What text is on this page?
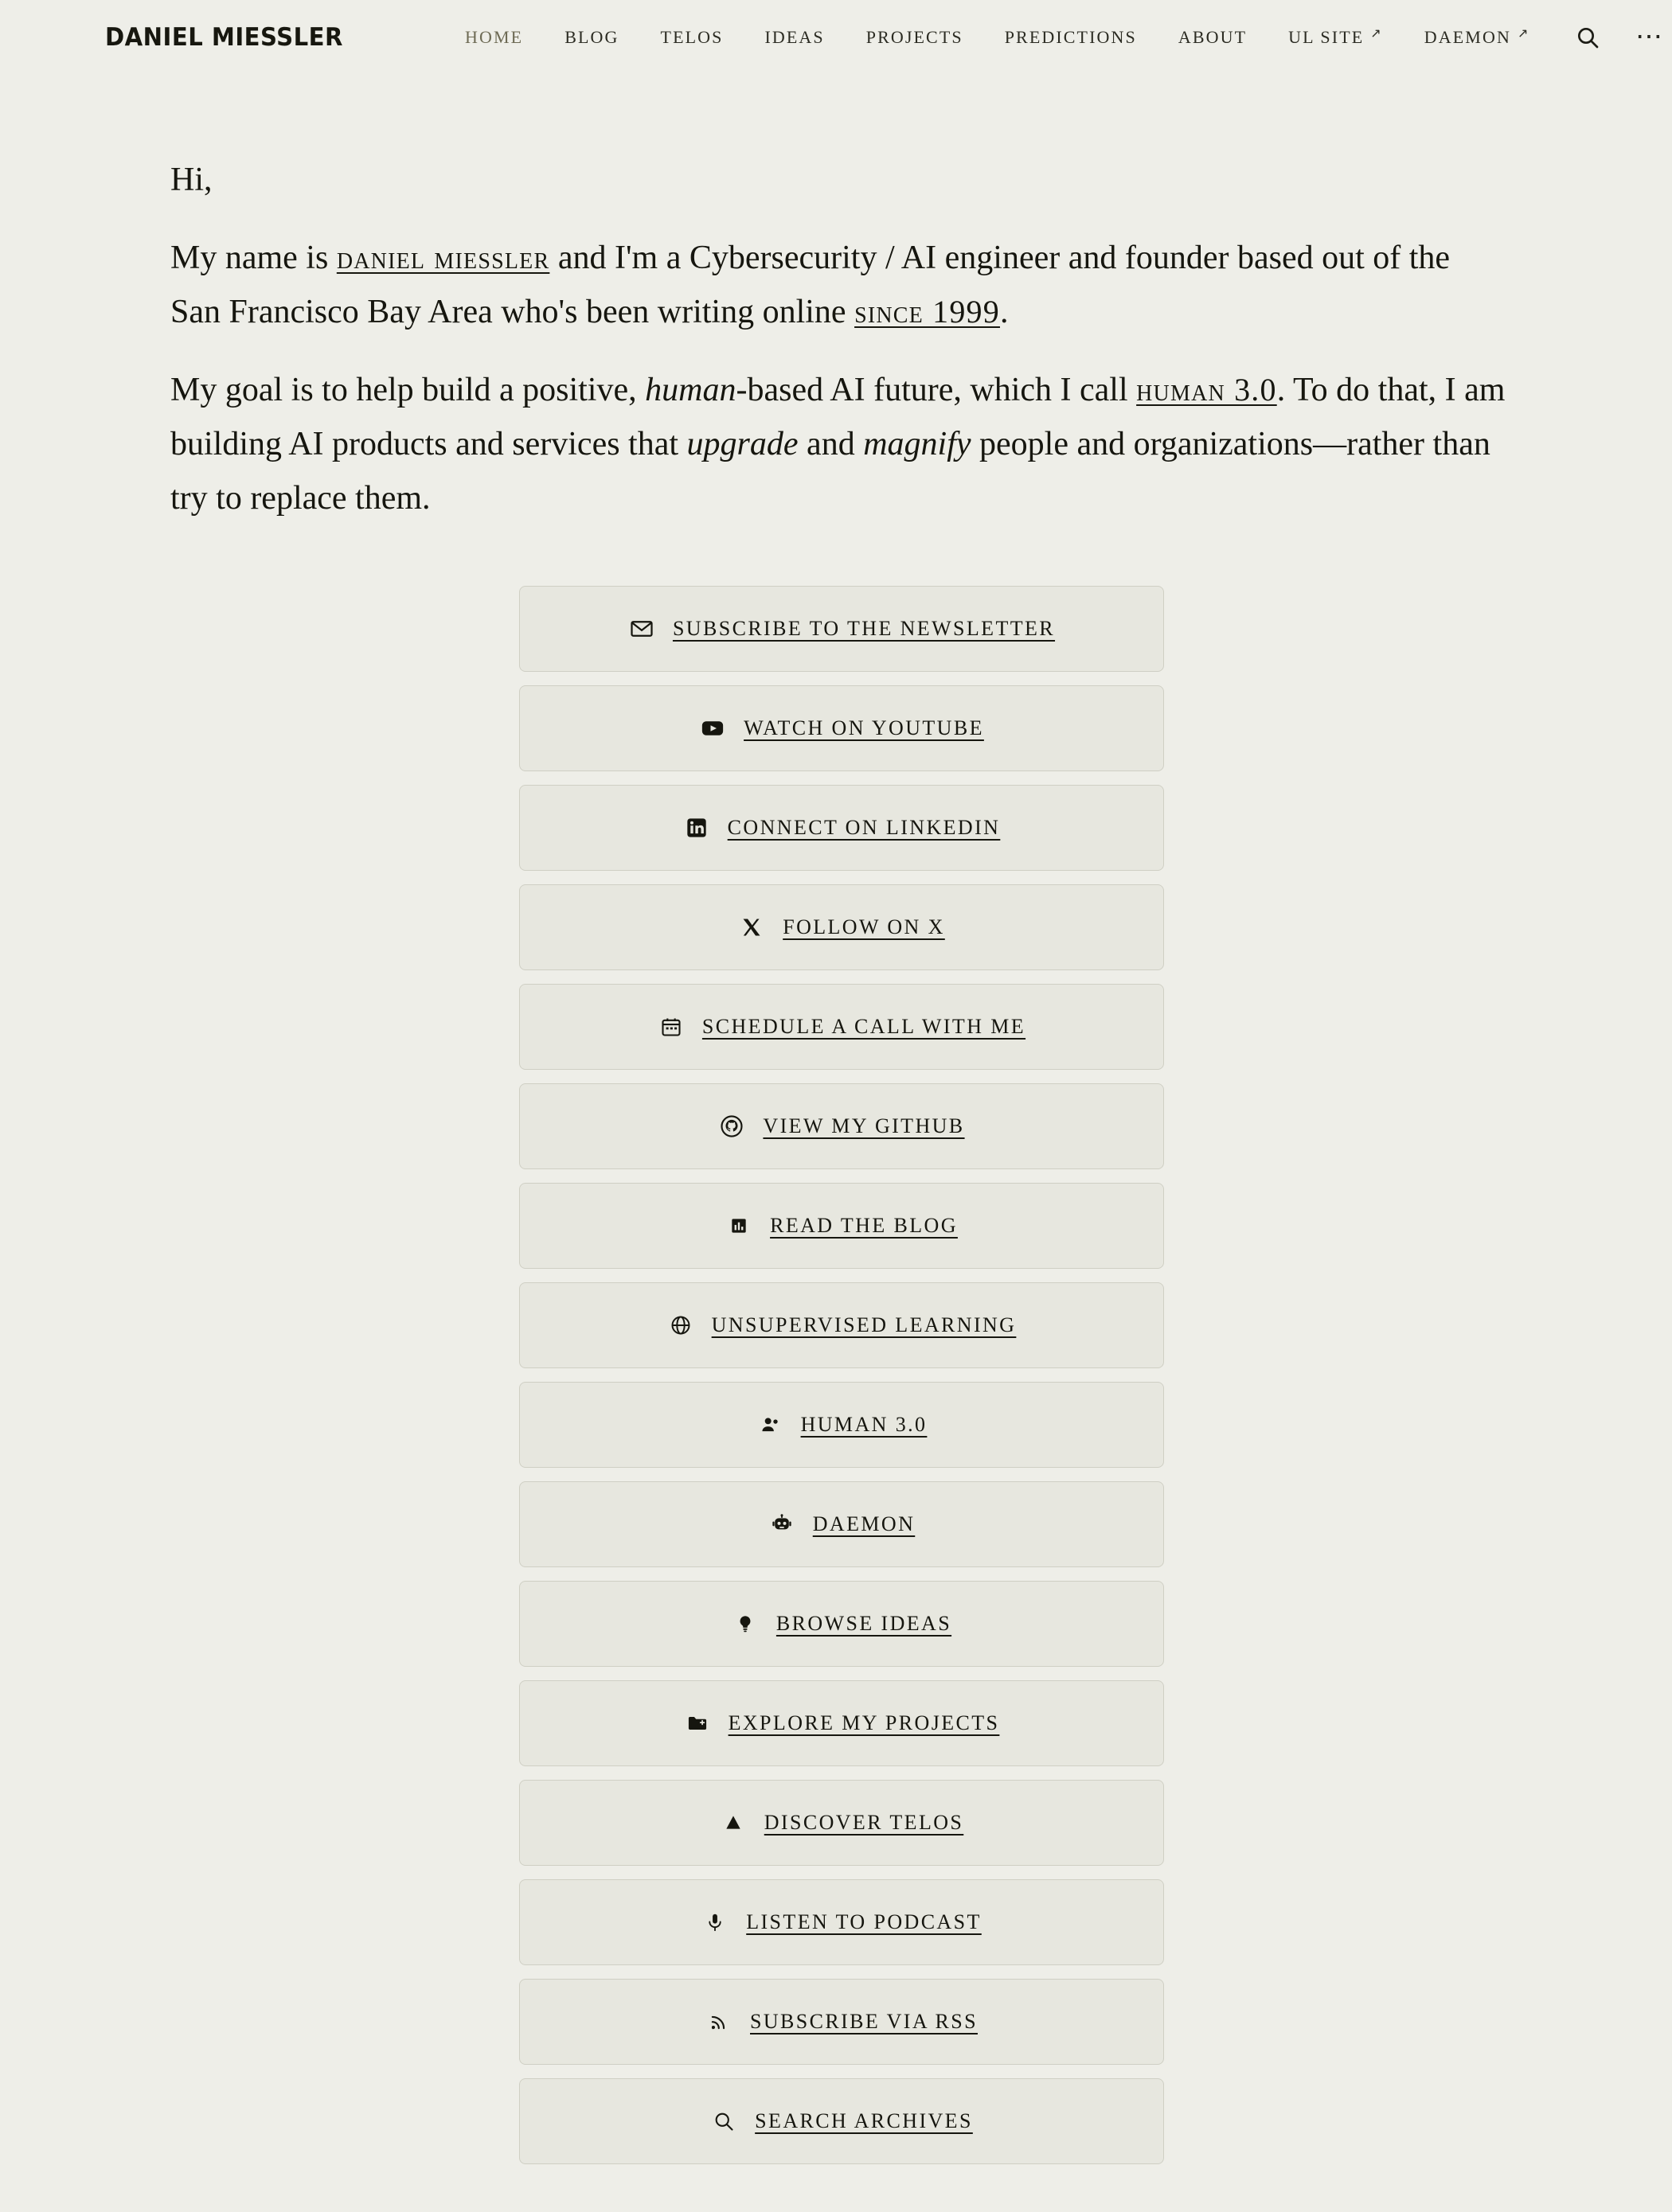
DANIEL MIESSLER	HOME BLOG TELOS IDEAS PROJECTS PREDICTIONS ABOUT UL SITE ↗ DAEMON ↗	⋯

Hi,

My name is daniel miessler and I'm a Cybersecurity / AI engineer and founder based out of the San Francisco Bay Area who's been writing online since 1999.

My goal is to help build a positive, human-based AI future, which I call human 3.0. To do that, I am building AI products and services that upgrade and magnify people and organizations—rather than try to replace them.

SUBSCRIBE TO THE NEWSLETTER
WATCH ON YOUTUBE
CONNECT ON LINKEDIN
FOLLOW ON X
SCHEDULE A CALL WITH ME
VIEW MY GITHUB
READ THE BLOG
UNSUPERVISED LEARNING
HUMAN 3.0
DAEMON
BROWSE IDEAS
EXPLORE MY PROJECTS
DISCOVER TELOS
LISTEN TO PODCAST
SUBSCRIBE VIA RSS
SEARCH ARCHIVES
